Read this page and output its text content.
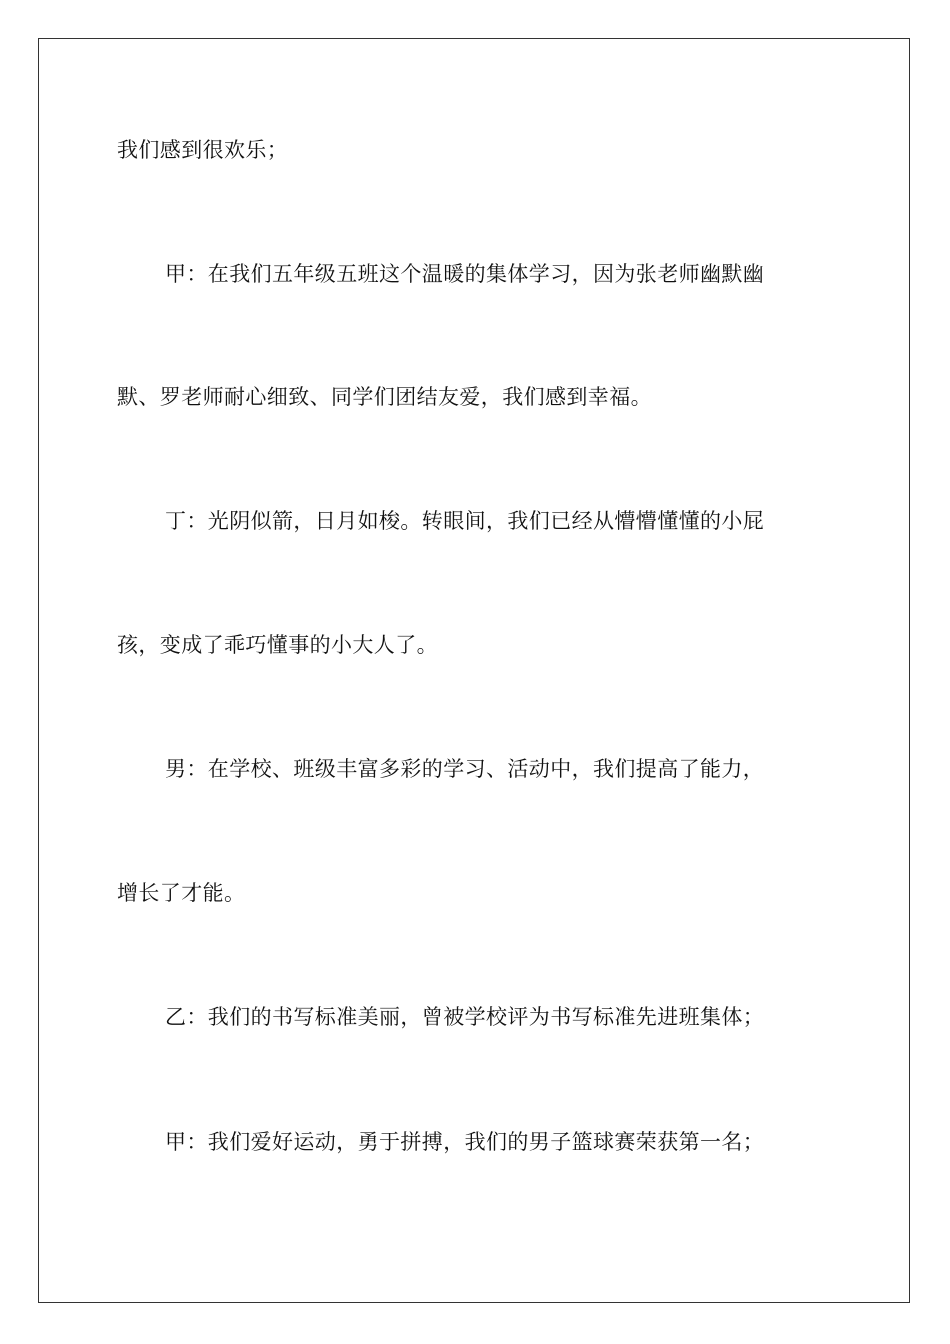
我们感到很欢乐；

甲：在我们五年级五班这个温暖的集体学习，因为张老师幽默幽

默、罗老师耐心细致、同学们团结友爱，我们感到幸福。

丁：光阴似箭，日月如梭。转眼间，我们已经从懵懵懂懂的小屁

孩，变成了乖巧懂事的小大人了。

男：在学校、班级丰富多彩的学习、活动中，我们提高了能力，

增长了才能。

乙：我们的书写标准美丽，曾被学校评为书写标准先进班集体；

甲：我们爱好运动，勇于拼搏，我们的男子篮球赛荣获第一名；
